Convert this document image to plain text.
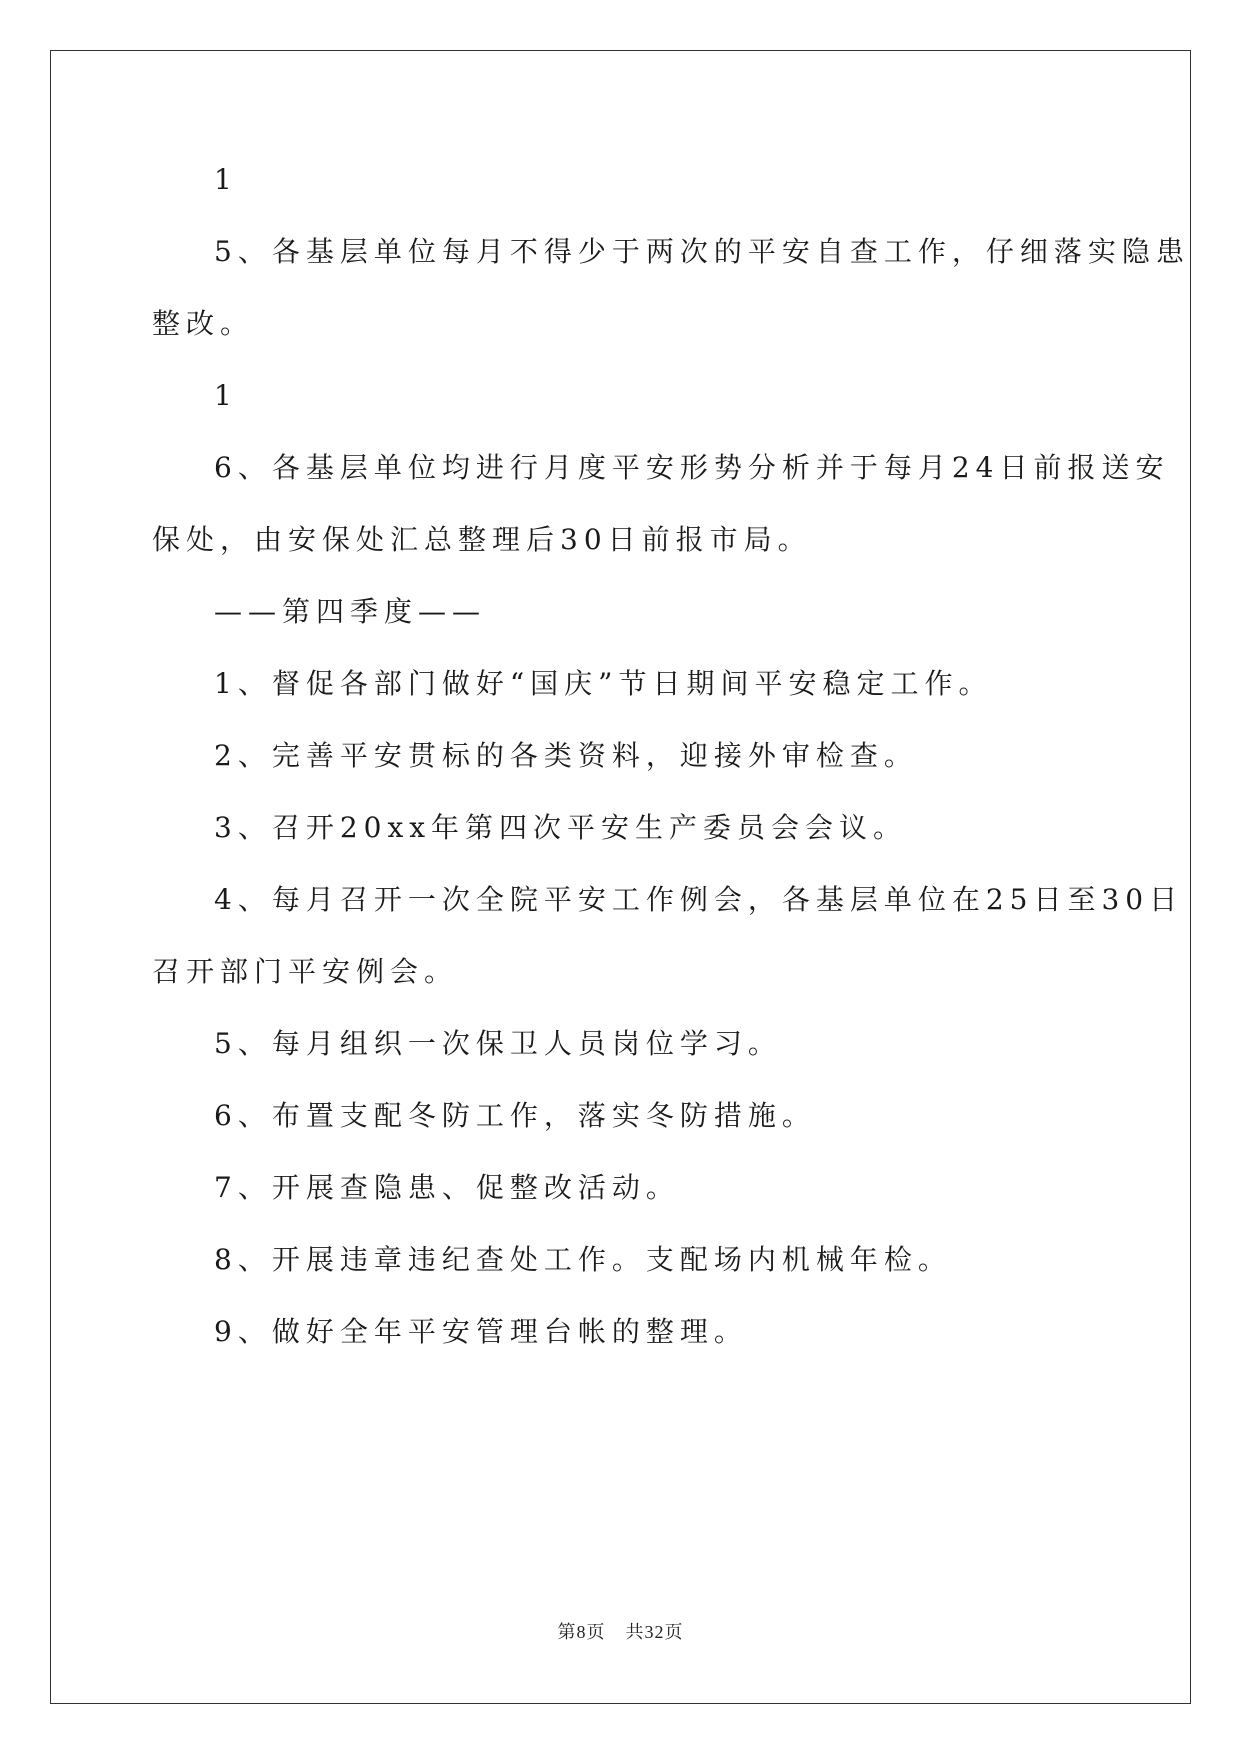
1
5、各基层单位每月不得少于两次的平安自查工作，仔细落实隐患
整改。
1
6、各基层单位均进行月度平安形势分析并于每月24日前报送安
保处，由安保处汇总整理后30日前报市局。
——第四季度——
1、督促各部门做好“国庆”节日期间平安稳定工作。
2、完善平安贯标的各类资料，迎接外审检查。
3、召开20xx年第四次平安生产委员会会议。
4、每月召开一次全院平安工作例会，各基层单位在25日至30日
召开部门平安例会。
5、每月组织一次保卫人员岗位学习。
6、布置支配冬防工作，落实冬防措施。
7、开展查隐患、促整改活动。
8、开展违章违纪查处工作。支配场内机械年检。
9、做好全年平安管理台帐的整理。
第8页 共32页
